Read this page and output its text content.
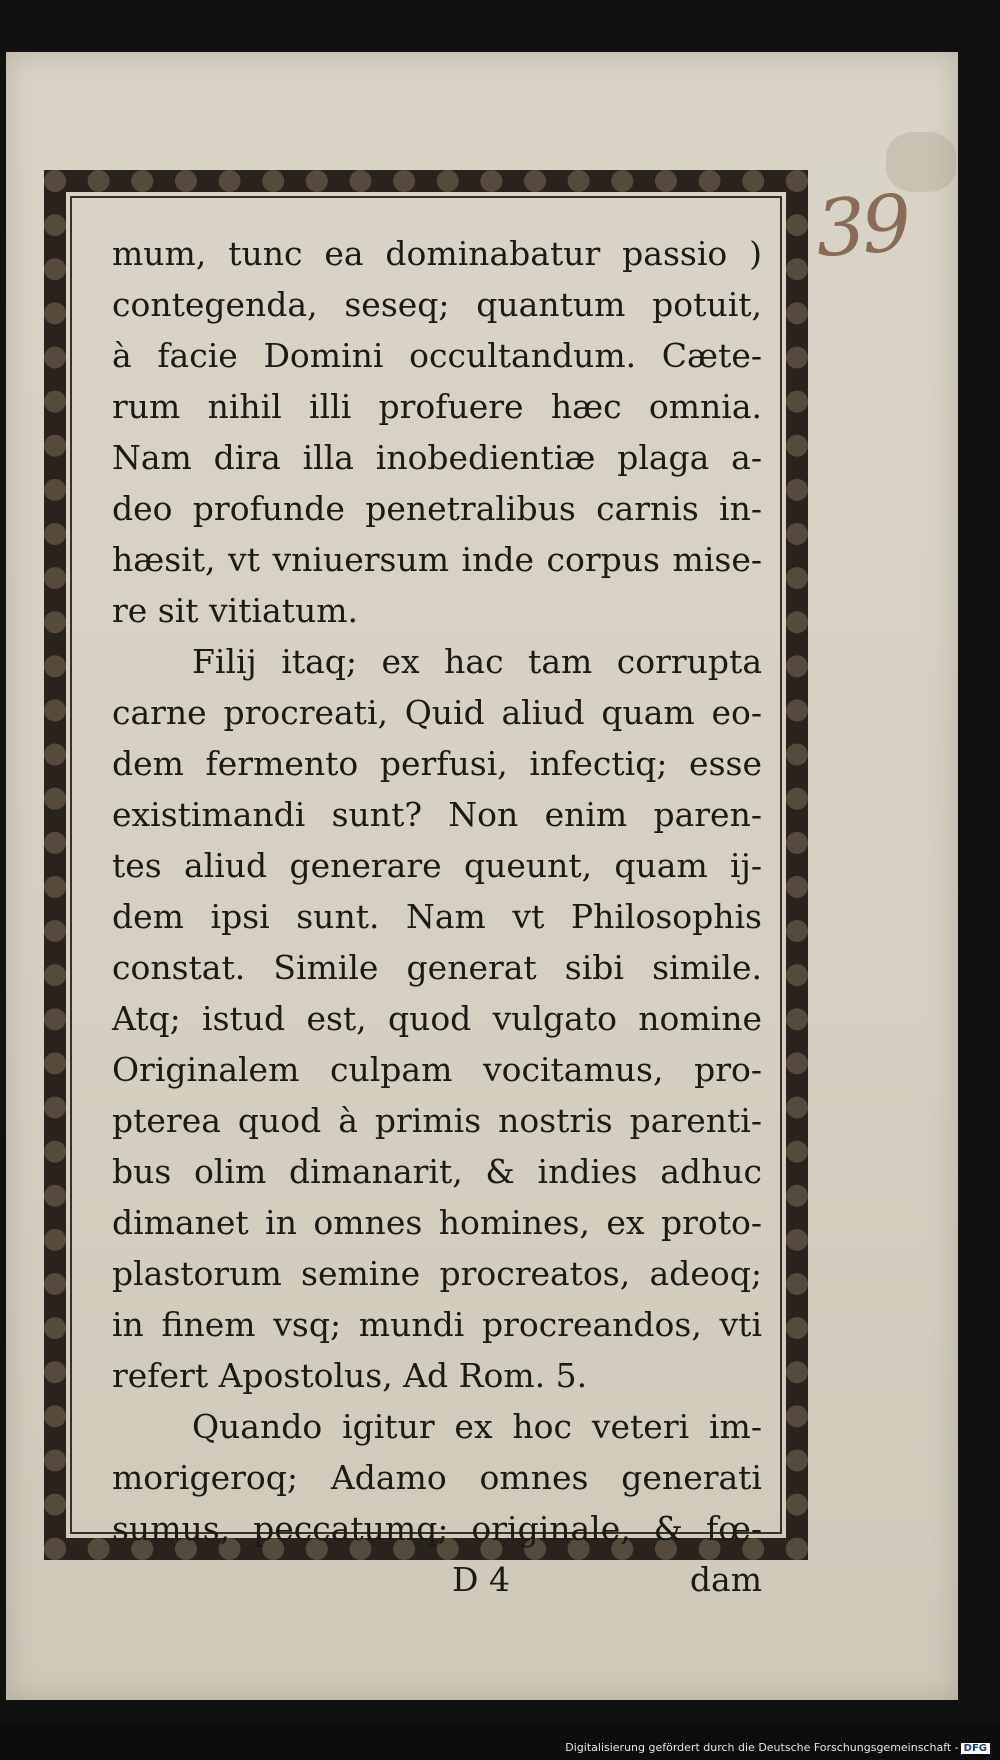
39
mum, tunc ea dominabatur passio )
contegenda, seseq; quantum potuit,
à facie Domini occultandum. Cæte-
rum nihil illi profuere hæc omnia.
Nam dira illa inobedientiæ plaga a-
deo profunde penetralibus carnis in-
hæsit, vt vniuersum inde corpus mise-
re sit vitiatum.
Filij itaq; ex hac tam corrupta
carne procreati, Quid aliud quam eo-
dem fermento perfusi, infectiq; esse
existimandi sunt? Non enim paren-
tes aliud generare queunt, quam ij-
dem ipsi sunt. Nam vt Philosophis
constat. Simile generat sibi simile.
Atq; istud est, quod vulgato nomine
Originalem culpam vocitamus, pro-
pterea quod à primis nostris parenti-
bus olim dimanarit, & indies adhuc
dimanet in omnes homines, ex proto-
plastorum semine procreatos, adeoq;
in finem vsq; mundi procreandos, vti
refert Apostolus, Ad Rom. 5.
Quando igitur ex hoc veteri im-
morigeroq; Adamo omnes generati
sumus, peccatumq; originale, & fœ-
D 4	dam
Digitalisierung gefördert durch die Deutsche Forschungsgemeinschaft - DFG
